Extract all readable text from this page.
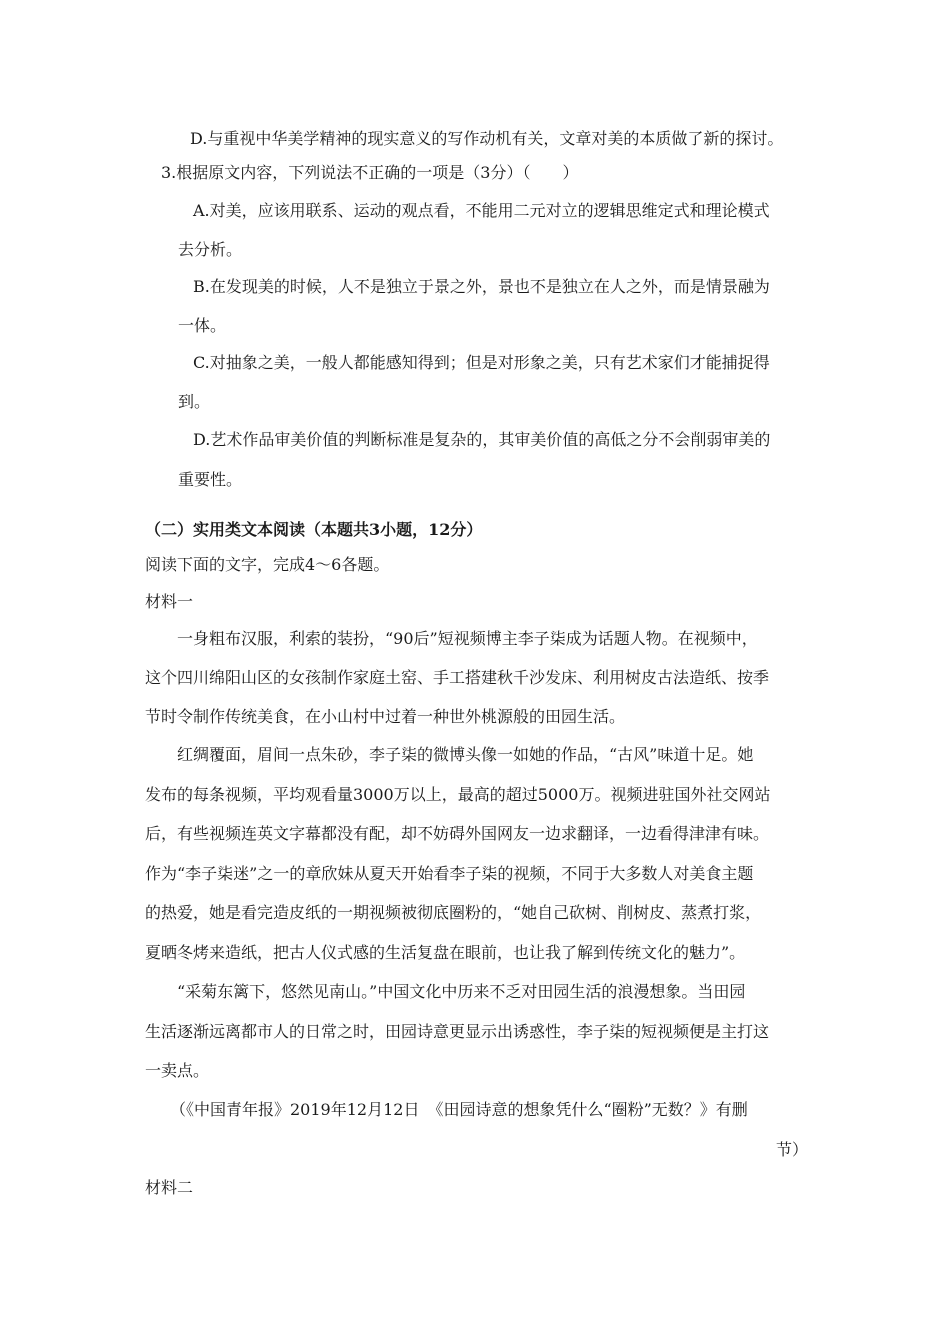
D.与重视中华美学精神的现实意义的写作动机有关，文章对美的本质做了新的探讨。
3.根据原文内容，下列说法不正确的一项是（3分）（　　）
A.对美，应该用联系、运动的观点看，不能用二元对立的逻辑思维定式和理论模式
去分析。
B.在发现美的时候，人不是独立于景之外，景也不是独立在人之外，而是情景融为
一体。
C.对抽象之美，一般人都能感知得到；但是对形象之美，只有艺术家们才能捕捉得
到。
D.艺术作品审美价值的判断标准是复杂的，其审美价值的高低之分不会削弱审美的
重要性。
（二）实用类文本阅读（本题共3小题，12分）
阅读下面的文字，完成4～6各题。
材料一
一身粗布汉服，利索的装扮，“90后”短视频博主李子柒成为话题人物。在视频中，
这个四川绵阳山区的女孩制作家庭土窑、手工搭建秋千沙发床、利用树皮古法造纸、按季
节时令制作传统美食，在小山村中过着一种世外桃源般的田园生活。
红绸覆面，眉间一点朱砂，李子柒的微博头像一如她的作品，“古风”味道十足。她
发布的每条视频，平均观看量3000万以上，最高的超过5000万。视频进驻国外社交网站
后，有些视频连英文字幕都没有配，却不妨碍外国网友一边求翻译，一边看得津津有味。
作为“李子柒迷”之一的章欣妹从夏天开始看李子柒的视频，不同于大多数人对美食主题
的热爱，她是看完造皮纸的一期视频被彻底圈粉的，“她自己砍树、削树皮、蒸煮打浆，
夏晒冬烤来造纸，把古人仪式感的生活复盘在眼前，也让我了解到传统文化的魅力”。
“采菊东篱下，悠然见南山。”中国文化中历来不乏对田园生活的浪漫想象。当田园
生活逐渐远离都市人的日常之时，田园诗意更显示出诱惑性，李子柒的短视频便是主打这
一卖点。
（《中国青年报》2019年12月12日　《田园诗意的想象凭什么“圈粉”无数？》有删
节）
材料二
